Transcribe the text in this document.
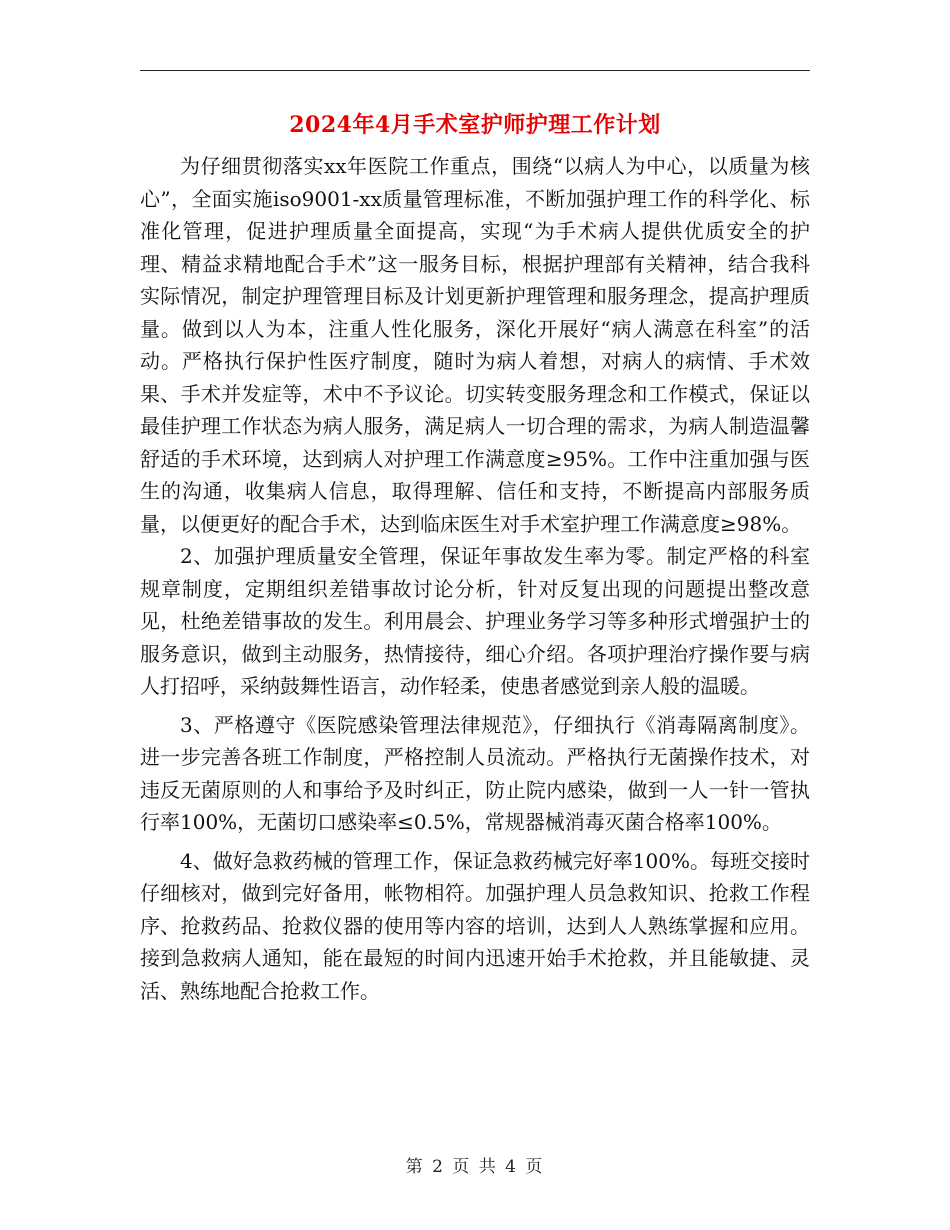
2024年4月手术室护师护理工作计划

为仔细贯彻落实xx年医院工作重点，围绕“以病人为中心，以质量为核心”，全面实施iso9001-xx质量管理标准，不断加强护理工作的科学化、标准化管理，促进护理质量全面提高，实现“为手术病人提供优质安全的护理、精益求精地配合手术”这一服务目标，根据护理部有关精神，结合我科实际情况，制定护理管理目标及计划更新护理管理和服务理念，提高护理质量。做到以人为本，注重人性化服务，深化开展好“病人满意在科室”的活动。严格执行保护性医疗制度，随时为病人着想，对病人的病情、手术效果、手术并发症等，术中不予议论。切实转变服务理念和工作模式，保证以最佳护理工作状态为病人服务，满足病人一切合理的需求，为病人制造温馨舒适的手术环境，达到病人对护理工作满意度≥95%。工作中注重加强与医生的沟通，收集病人信息，取得理解、信任和支持，不断提高内部服务质量，以便更好的配合手术，达到临床医生对手术室护理工作满意度≥98%。

2、加强护理质量安全管理，保证年事故发生率为零。制定严格的科室规章制度，定期组织差错事故讨论分析，针对反复出现的问题提出整改意见，杜绝差错事故的发生。利用晨会、护理业务学习等多种形式增强护士的服务意识，做到主动服务，热情接待，细心介绍。各项护理治疗操作要与病人打招呼，采纳鼓舞性语言，动作轻柔，使患者感觉到亲人般的温暖。

3、严格遵守《医院感染管理法律规范》，仔细执行《消毒隔离制度》。进一步完善各班工作制度，严格控制人员流动。严格执行无菌操作技术，对违反无菌原则的人和事给予及时纠正，防止院内感染，做到一人一针一管执行率100%，无菌切口感染率≤0.5%，常规器械消毒灭菌合格率100%。

4、做好急救药械的管理工作，保证急救药械完好率100%。每班交接时仔细核对，做到完好备用，帐物相符。加强护理人员急救知识、抢救工作程序、抢救药品、抢救仪器的使用等内容的培训，达到人人熟练掌握和应用。接到急救病人通知，能在最短的时间内迅速开始手术抢救，并且能敏捷、灵活、熟练地配合抢救工作。

第 2 页 共 4 页
